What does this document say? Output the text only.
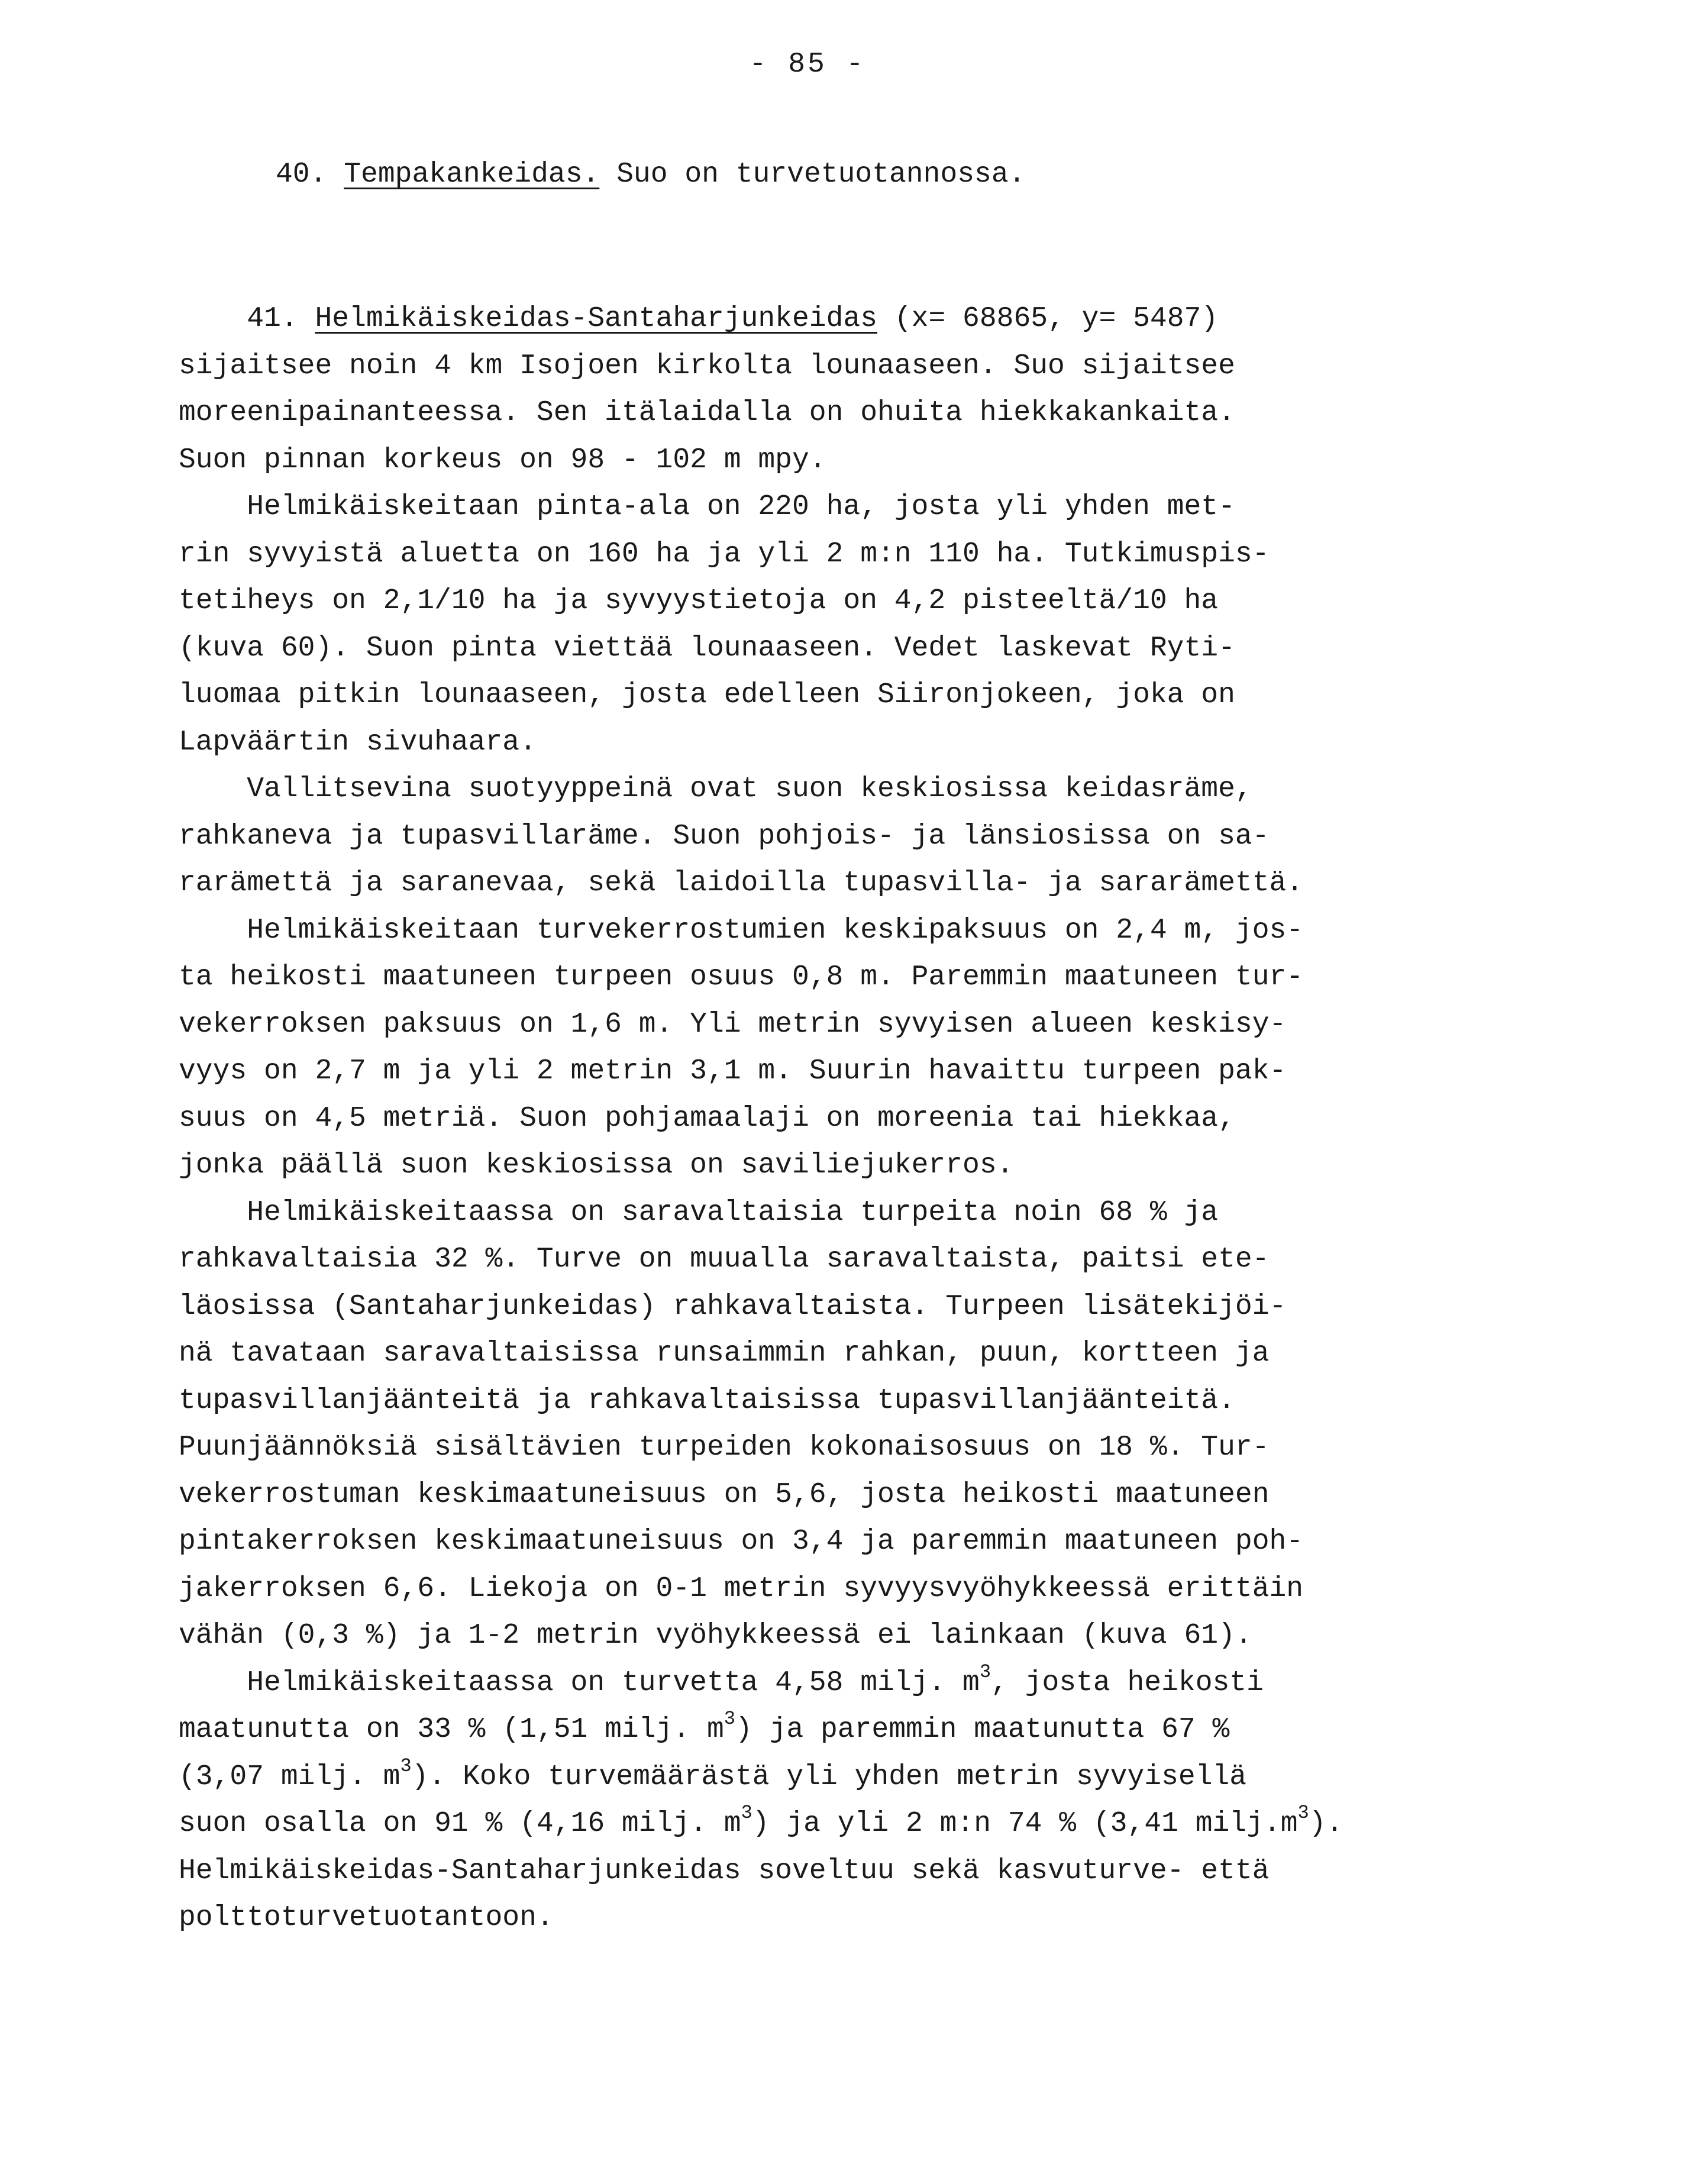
- 85 -
40. Tempakankeidas. Suo on turvetuotannossa.
41. Helmikäiskeidas-Santaharjunkeidas (x= 68865, y= 5487)
sijaitsee noin 4 km Isojoen kirkolta lounaaseen. Suo sijaitsee
moreenipainanteessa. Sen itälaidalla on ohuita hiekkakankaita.
Suon pinnan korkeus on 98 - 102 m mpy.
Helmikäiskeitaan pinta-ala on 220 ha, josta yli yhden met-
rin syvyistä aluetta on 160 ha ja yli 2 m:n 110 ha. Tutkimuspis-
tetiheys on 2,1/10 ha ja syvyystietoja on 4,2 pisteeltä/10 ha
(kuva 60). Suon pinta viettää lounaaseen. Vedet laskevat Ryti-
luomaa pitkin lounaaseen, josta edelleen Siironjokeen, joka on
Lapväärtin sivuhaara.
Vallitsevina suotyyppeinä ovat suon keskiosissa keidasräme,
rahkaneva ja tupasvillaräme. Suon pohjois- ja länsiosissa on sa-
rarämettä ja saranevaa, sekä laidoilla tupasvilla- ja sararämettä.
Helmikäiskeitaan turvekerrostumien keskipaksuus on 2,4 m, jos-
ta heikosti maatuneen turpeen osuus 0,8 m. Paremmin maatuneen tur-
vekerroksen paksuus on 1,6 m. Yli metrin syvyisen alueen keskisy-
vyys on 2,7 m ja yli 2 metrin 3,1 m. Suurin havaittu turpeen pak-
suus on 4,5 metriä. Suon pohjamaalaji on moreenia tai hiekkaa,
jonka päällä suon keskiosissa on saviliejukerros.
Helmikäiskeitaassa on saravaltaisia turpeita noin 68 % ja
rahkavaltaisia 32 %. Turve on muualla saravaltaista, paitsi ete-
läosissa (Santaharjunkeidas) rahkavaltaista. Turpeen lisätekijöi-
nä tavataan saravaltaisissa runsaimmin rahkan, puun, kortteen ja
tupasvillanjäänteitä ja rahkavaltaisissa tupasvillanjäänteitä.
Puunjäännöksiä sisältävien turpeiden kokonaisosuus on 18 %. Tur-
vekerrostuman keskimaatuneisuus on 5,6, josta heikosti maatuneen
pintakerroksen keskimaatuneisuus on 3,4 ja paremmin maatuneen poh-
jakerroksen 6,6. Liekoja on 0-1 metrin syvyysvyöhykkeessä erittäin
vähän (0,3 %) ja 1-2 metrin vyöhykkeessä ei lainkaan (kuva 61).
Helmikäiskeitaassa on turvetta 4,58 milj. $m^3$, josta heikosti
maatunutta on 33 % (1,51 milj. $m^3$) ja paremmin maatunutta 67 %
(3,07 milj. $m^3$). Koko turvemäärästä yli yhden metrin syvyisellä
suon osalla on 91 % (4,16 milj. $m^3$) ja yli 2 m:n 74 % (3,41 $milj.m^3$).
Helmikäiskeidas-Santaharjunkeidas soveltuu sekä kasvuturve- että
polttoturvetuotantoon.
